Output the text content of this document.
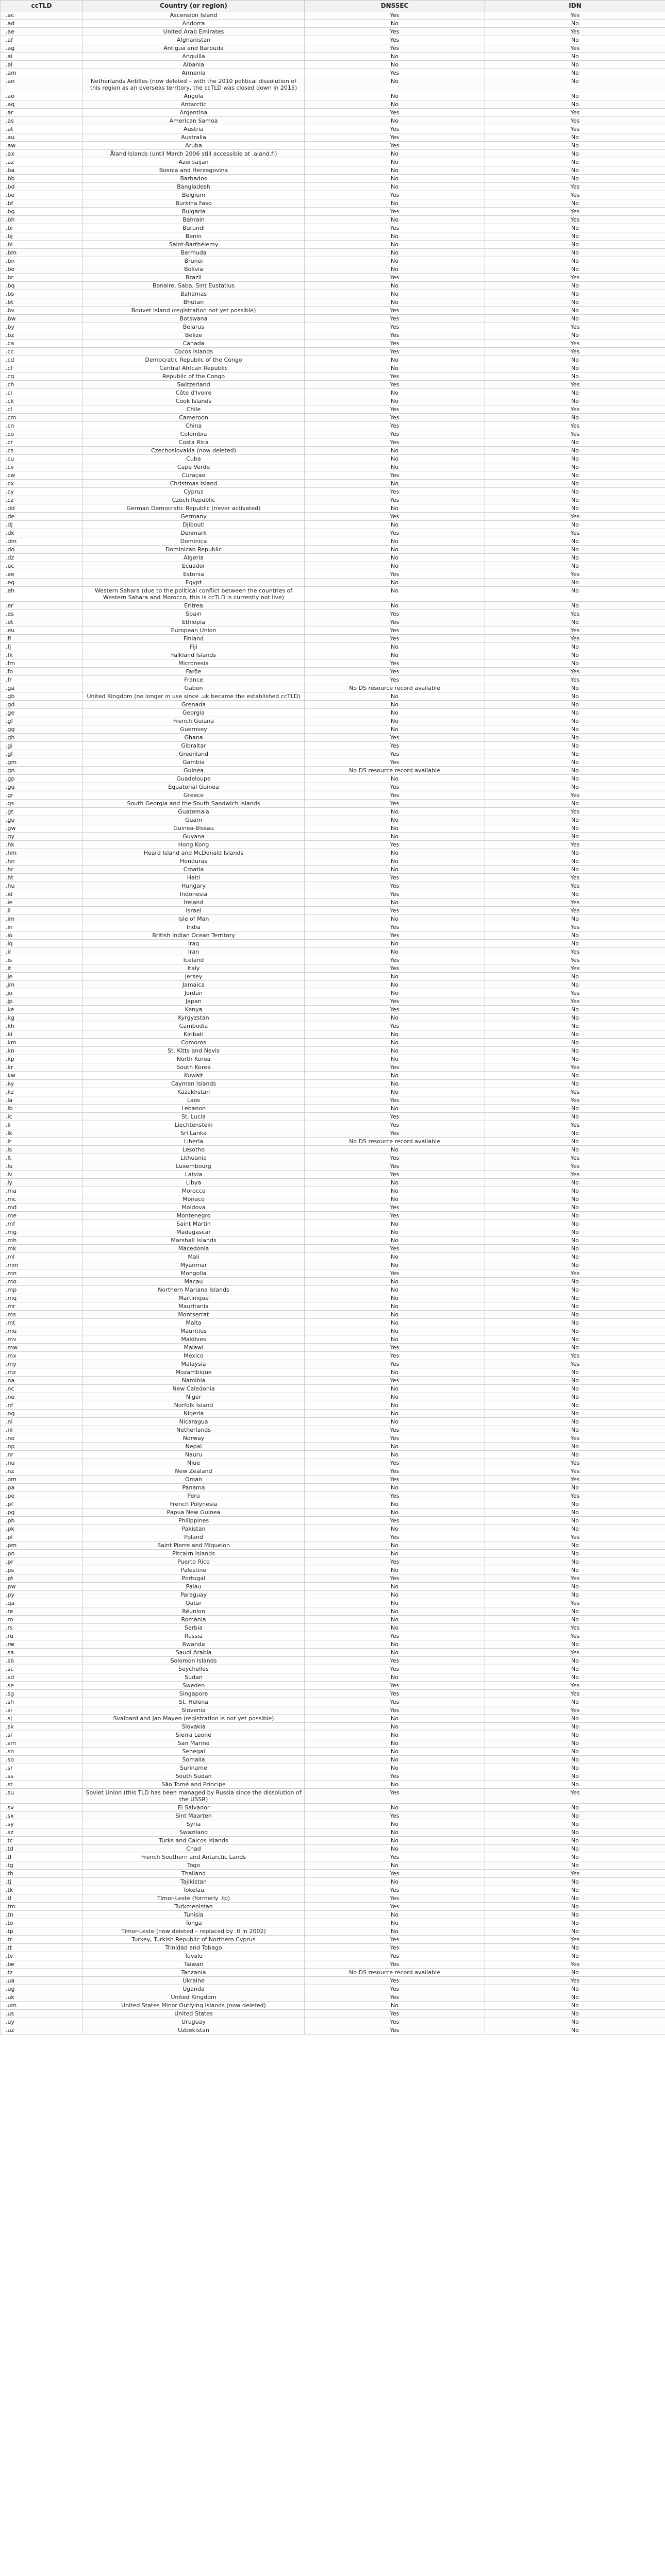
ccTLD	Country (or region)	DNSSEC	IDN
.ac	Ascension Island	Yes	Yes
.ad	Andorra	No	No
.ae	United Arab Emirates	Yes	Yes
.af	Afghanistan	Yes	No
.ag	Antigua and Barbuda	Yes	Yes
.ai	Anguilla	No	No
.al	Albania	No	No
.am	Armenia	Yes	No
.an	Netherlands Antilles (now deleted – with the 2010 political dissolution of this region as an overseas territory, the ccTLD was closed down in 2015)	No	No
.ao	Angola	No	No
.aq	Antarctic	No	No
.ar	Argentina	Yes	Yes
.as	American Samoa	No	Yes
.at	Austria	Yes	Yes
.au	Australia	Yes	No
.aw	Aruba	Yes	No
.ax	Åland Islands (until March 2006 still accessible at .aland.fi)	No	No
.az	Azerbaijan	No	No
.ba	Bosnia and Herzegovina	No	No
.bb	Barbados	No	No
.bd	Bangladesh	No	Yes
.be	Belgium	Yes	Yes
.bf	Burkina Faso	No	No
.bg	Bulgaria	Yes	Yes
.bh	Bahrain	No	Yes
.bi	Burundi	Yes	No
.bj	Benin	No	No
.bl	Saint-Barthélemy	No	No
.bm	Bermuda	No	No
.bn	Brunei	No	No
.bo	Bolivia	No	No
.br	Brazil	Yes	Yes
.bq	Bonaire, Saba, Sint Eustatius	No	No
.bs	Bahamas	No	No
.bt	Bhutan	No	No
.bv	Bouvet Island (registration not yet possible)	Yes	No
.bw	Botswana	Yes	No
.by	Belarus	Yes	Yes
.bz	Belize	Yes	No
.ca	Canada	Yes	Yes
.cc	Cocos Islands	Yes	Yes
.cd	Democratic Republic of the Congo	No	No
.cf	Central African Republic	No	No
.cg	Republic of the Congo	Yes	No
.ch	Switzerland	Yes	Yes
.ci	Côte d'Ivoire	No	No
.ck	Cook Islands	No	No
.cl	Chile	Yes	Yes
.cm	Cameroon	Yes	No
.cn	China	Yes	Yes
.co	Colombia	Yes	Yes
.cr	Costa Rica	Yes	No
.cs	Czechoslovakia (now deleted)	No	No
.cu	Cuba	No	No
.cv	Cape Verde	No	No
.cw	Curaçao	Yes	No
.cx	Christmas Island	No	No
.cy	Cyprus	Yes	No
.cz	Czech Republic	Yes	No
.dd	German Democratic Republic (never activated)	No	No
.de	Germany	Yes	Yes
.dj	Djibouti	No	No
.dk	Denmark	Yes	Yes
.dm	Dominica	No	No
.do	Dominican Republic	No	No
.dz	Algeria	No	No
.ec	Ecuador	No	No
.ee	Estonia	Yes	Yes
.eg	Egypt	No	No
.eh	Western Sahara (due to the political conflict between the countries of Western Sahara and Morocco, this is ccTLD is currently not live)	No	No
.er	Eritrea	No	No
.es	Spain	Yes	Yes
.et	Ethiopia	Yes	No
.eu	European Union	Yes	Yes
.fi	Finland	Yes	Yes
.fj	Fiji	No	No
.fk	Falkland Islands	No	No
.fm	Micronesia	Yes	No
.fo	Faröe	Yes	Yes
.fr	France	Yes	Yes
.ga	Gabon	No DS resource record available	No
.gb	United Kingdom (no longer in use since .uk became the established ccTLD)	No	No
.gd	Grenada	No	No
.ge	Georgia	No	No
.gf	French Guiana	No	No
.gg	Guernsey	No	No
.gh	Ghana	Yes	No
.gi	Gibraltar	Yes	No
.gl	Greenland	Yes	No
.gm	Gambia	Yes	No
.gn	Guinea	No DS resource record available	No
.gp	Guadeloupe	No	No
.gq	Equatorial Guinea	Yes	No
.gr	Greece	Yes	Yes
.gs	South Georgia and the South Sandwich Islands	Yes	No
.gt	Guatemala	No	Yes
.gu	Guam	No	No
.gw	Guinea-Bissau	No	No
.gy	Guyana	No	No
.hk	Hong Kong	Yes	Yes
.hm	Heard Island and McDonald Islands	No	No
.hn	Honduras	No	No
.hr	Croatia	No	No
.ht	Haiti	Yes	Yes
.hu	Hungary	Yes	Yes
.id	Indonesia	Yes	No
.ie	Ireland	No	Yes
.il	Israel	Yes	Yes
.im	Isle of Man	No	No
.in	India	Yes	Yes
.io	British Indian Ocean Territory	Yes	No
.iq	Iraq	No	No
.ir	Iran	No	Yes
.is	Iceland	Yes	Yes
.it	Italy	Yes	Yes
.je	Jersey	No	No
.jm	Jamaica	No	No
.jo	Jordan	No	Yes
.jp	Japan	Yes	Yes
.ke	Kenya	Yes	No
.kg	Kyrgyzstan	No	No
.kh	Cambodia	Yes	No
.ki	Kiribati	No	No
.km	Comoros	No	No
.kn	St. Kitts and Nevis	No	No
.kp	North Korea	No	No
.kr	South Korea	Yes	Yes
.kw	Kuwait	No	No
.ky	Cayman Islands	No	No
.kz	Kazakhstan	No	Yes
.la	Laos	Yes	Yes
.lb	Lebanon	No	No
.lc	St. Lucia	Yes	No
.li	Liechtenstein	Yes	Yes
.lk	Sri Lanka	Yes	No
.lr	Liberia	No DS resource record available	No
.ls	Lesotho	No	No
.lt	Lithuania	Yes	Yes
.lu	Luxembourg	Yes	Yes
.lv	Latvia	Yes	Yes
.ly	Libya	No	No
.ma	Morocco	No	No
.mc	Monaco	No	No
.md	Moldova	Yes	No
.me	Montenegro	Yes	No
.mf	Saint Martin	No	No
.mg	Madagascar	No	No
.mh	Marshall Islands	No	No
.mk	Macedonia	Yes	No
.ml	Mali	No	No
.mm	Myanmar	No	No
.mn	Mongolia	Yes	Yes
.mo	Macau	No	No
.mp	Northern Mariana Islands	No	No
.mq	Martinique	No	No
.mr	Mauritania	No	No
.ms	Montserrat	No	No
.mt	Malta	No	No
.mu	Mauritius	No	No
.mv	Maldives	No	No
.mw	Malawi	Yes	No
.mx	Mexico	Yes	Yes
.my	Malaysia	Yes	Yes
.mz	Mozambique	No	No
.na	Namibia	Yes	No
.nc	New Caledonia	No	No
.ne	Niger	No	No
.nf	Norfolk Island	No	No
.ng	Nigeria	No	No
.ni	Nicaragua	No	No
.nl	Netherlands	Yes	No
.no	Norway	Yes	Yes
.np	Nepal	No	No
.nr	Nauru	No	No
.nu	Niue	Yes	Yes
.nz	New Zealand	Yes	Yes
.om	Oman	Yes	Yes
.pa	Panama	No	No
.pe	Peru	Yes	Yes
.pf	French Polynesia	No	No
.pg	Papua New Guinea	No	No
.ph	Philippines	Yes	No
.pk	Pakistan	No	No
.pl	Poland	Yes	Yes
.pm	Saint Pierre and Miquelon	No	No
.pn	Pitcairn Islands	No	No
.pr	Puerto Rico	Yes	No
.ps	Palestine	No	No
.pt	Portugal	Yes	Yes
.pw	Palau	No	No
.py	Paraguay	No	No
.qa	Qatar	No	Yes
.re	Réunion	No	No
.ro	Romania	No	No
.rs	Serbia	No	Yes
.ru	Russia	Yes	Yes
.rw	Rwanda	No	No
.sa	Saudi Arabia	No	Yes
.sb	Solomon Islands	Yes	No
.sc	Seychelles	Yes	No
.sd	Sudan	No	No
.se	Sweden	Yes	Yes
.sg	Singapore	Yes	Yes
.sh	St. Helena	Yes	No
.si	Slovenia	Yes	Yes
.sj	Svalbard and Jan Mayen (registration is not yet possible)	No	No
.sk	Slovakia	No	No
.sl	Sierra Leone	No	No
.sm	San Marino	No	No
.sn	Senegal	No	No
.so	Somalia	No	No
.sr	Suriname	No	No
.ss	South Sudan	Yes	No
.st	São Tomé and Príncipe	No	No
.su	Soviet Union (this TLD has been managed by Russia since the dissolution of the USSR)	Yes	Yes
.sv	El Salvador	No	No
.sx	Sint Maarten	Yes	No
.sy	Syria	No	No
.sz	Swaziland	No	No
.tc	Turks and Caicos Islands	No	No
.td	Chad	No	No
.tf	French Southern and Antarctic Lands	Yes	No
.tg	Togo	No	No
.th	Thailand	Yes	Yes
.tj	Tajikistan	No	No
.tk	Tokelau	Yes	No
.tl	Timor-Leste (formerly .tp)	Yes	No
.tm	Turkmenistan	Yes	No
.tn	Tunisia	No	No
.to	Tonga	No	No
.tp	Timor-Leste (now deleted – replaced by .tl in 2002)	No	No
.tr	Turkey, Turkish Republic of Northern Cyprus	Yes	Yes
.tt	Trinidad and Tobago	Yes	No
.tv	Tuvalu	Yes	No
.tw	Taiwan	Yes	Yes
.tz	Tanzania	No DS resource record available	No
.ua	Ukraine	Yes	Yes
.ug	Uganda	Yes	No
.uk	United Kingdom	Yes	No
.um	United States Minor Outlying Islands (now deleted)	No	No
.us	United States	Yes	No
.uy	Uruguay	Yes	No
.uz	Uzbekistan	Yes	No
